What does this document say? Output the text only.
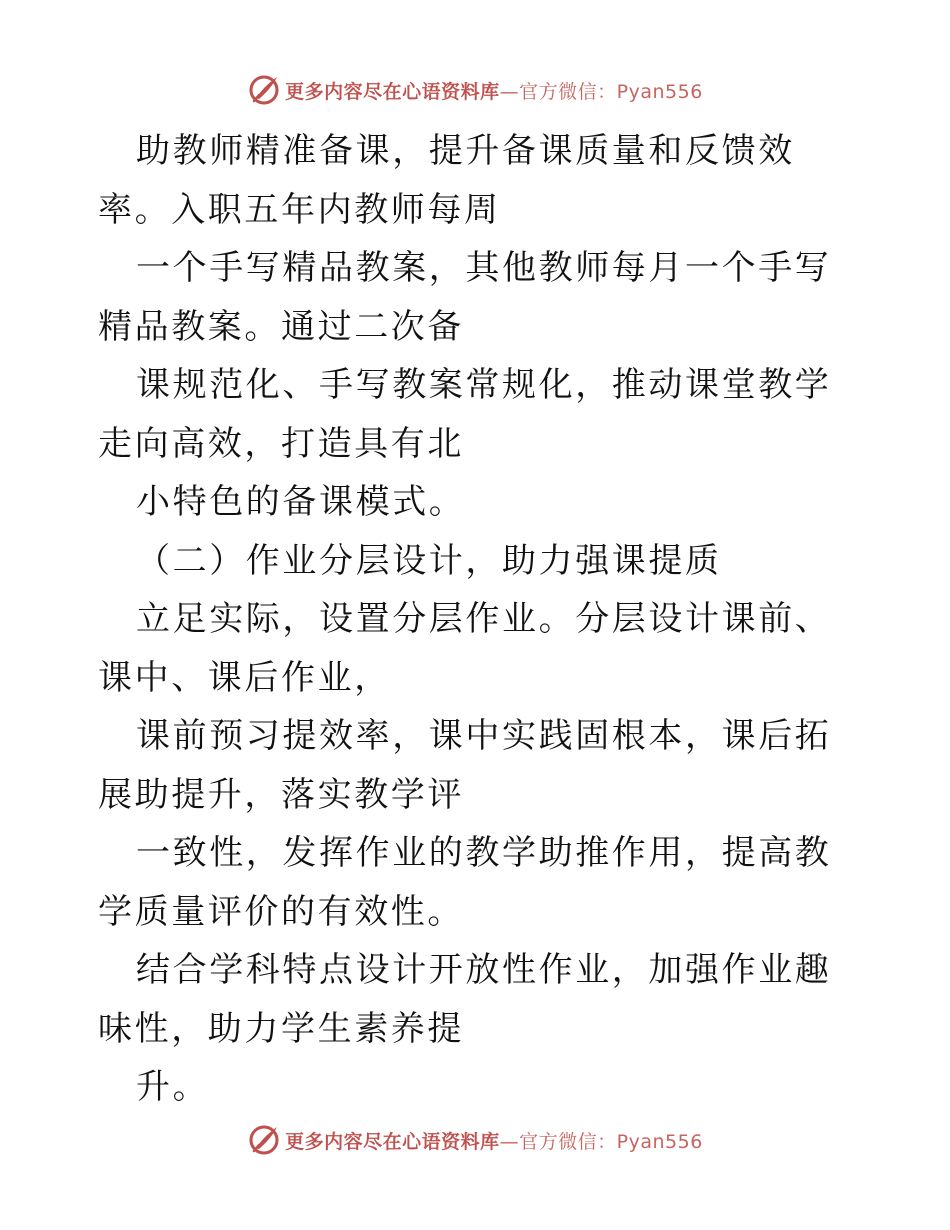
更多内容尽在心语资料库—官方微信：Pyan556

助教师精准备课，提升备课质量和反馈效率。入职五年内教师每周

一个手写精品教案，其他教师每月一个手写精品教案。通过二次备

课规范化、手写教案常规化，推动课堂教学走向高效，打造具有北

小特色的备课模式。

（二）作业分层设计，助力强课提质

立足实际，设置分层作业。分层设计课前、课中、课后作业，

课前预习提效率，课中实践固根本，课后拓展助提升，落实教学评

一致性，发挥作业的教学助推作用，提高教学质量评价的有效性。

结合学科特点设计开放性作业，加强作业趣味性，助力学生素养提

升。

更多内容尽在心语资料库—官方微信：Pyan556
